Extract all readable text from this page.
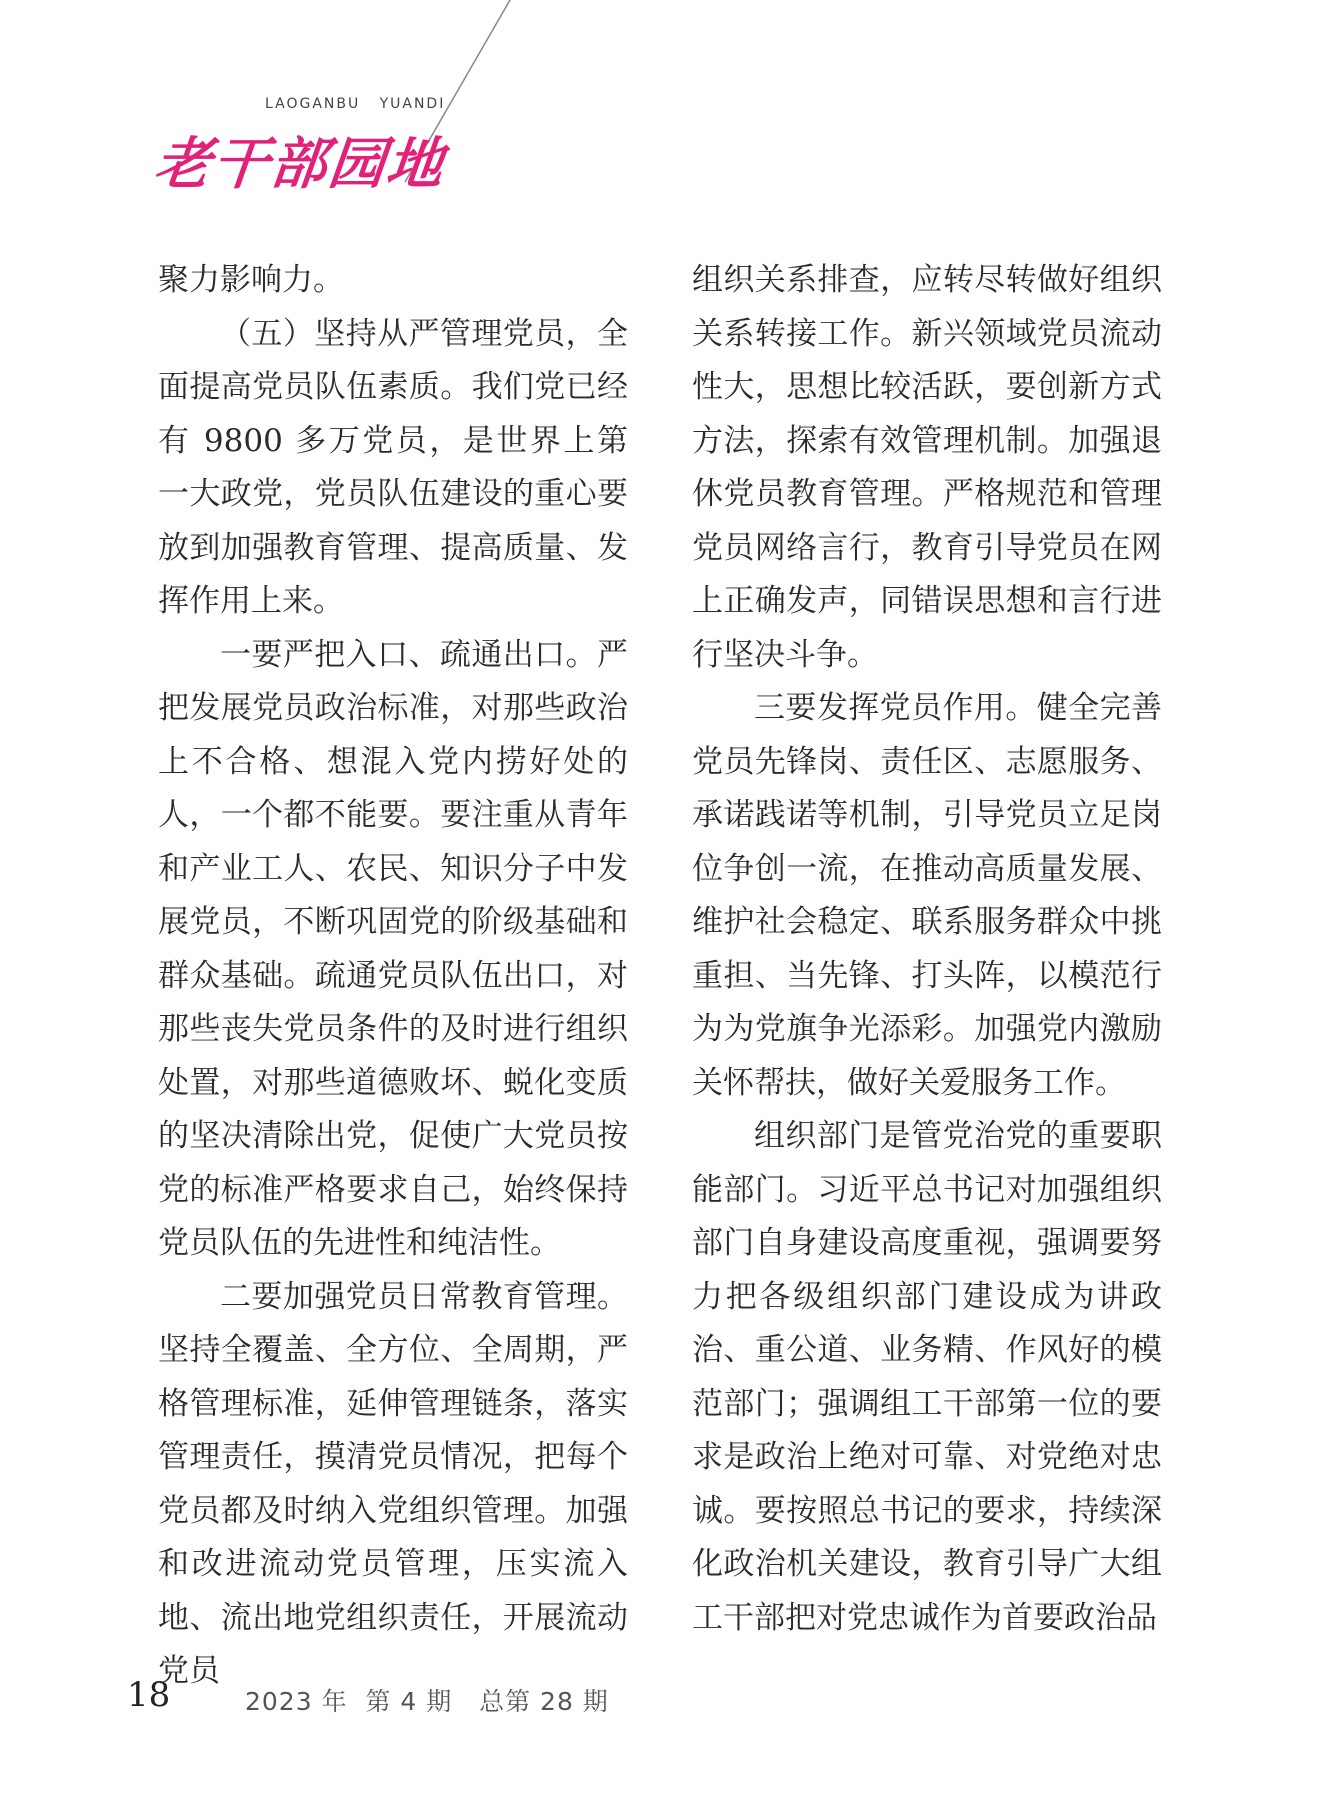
LAOGANBU   YUANDI
老干部园地

聚力影响力。

（五）坚持从严管理党员，全面提高党员队伍素质。我们党已经有 9800 多万党员，是世界上第一大政党，党员队伍建设的重心要放到加强教育管理、提高质量、发挥作用上来。

一要严把入口、疏通出口。严把发展党员政治标准，对那些政治上不合格、想混入党内捞好处的人，一个都不能要。要注重从青年和产业工人、农民、知识分子中发展党员，不断巩固党的阶级基础和群众基础。疏通党员队伍出口，对那些丧失党员条件的及时进行组织处置，对那些道德败坏、蜕化变质的坚决清除出党，促使广大党员按党的标准严格要求自己，始终保持党员队伍的先进性和纯洁性。

二要加强党员日常教育管理。坚持全覆盖、全方位、全周期，严格管理标准，延伸管理链条，落实管理责任，摸清党员情况，把每个党员都及时纳入党组织管理。加强和改进流动党员管理，压实流入地、流出地党组织责任，开展流动党员

组织关系排查，应转尽转做好组织关系转接工作。新兴领域党员流动性大，思想比较活跃，要创新方式方法，探索有效管理机制。加强退休党员教育管理。严格规范和管理党员网络言行，教育引导党员在网上正确发声，同错误思想和言行进行坚决斗争。

三要发挥党员作用。健全完善党员先锋岗、责任区、志愿服务、承诺践诺等机制，引导党员立足岗位争创一流，在推动高质量发展、维护社会稳定、联系服务群众中挑重担、当先锋、打头阵，以模范行为为党旗争光添彩。加强党内激励关怀帮扶，做好关爱服务工作。

组织部门是管党治党的重要职能部门。习近平总书记对加强组织部门自身建设高度重视，强调要努力把各级组织部门建设成为讲政治、重公道、业务精、作风好的模范部门；强调组工干部第一位的要求是政治上绝对可靠、对党绝对忠诚。要按照总书记的要求，持续深化政治机关建设，教育引导广大组工干部把对党忠诚作为首要政治品

18	2023 年  第 4 期   总第 28 期
